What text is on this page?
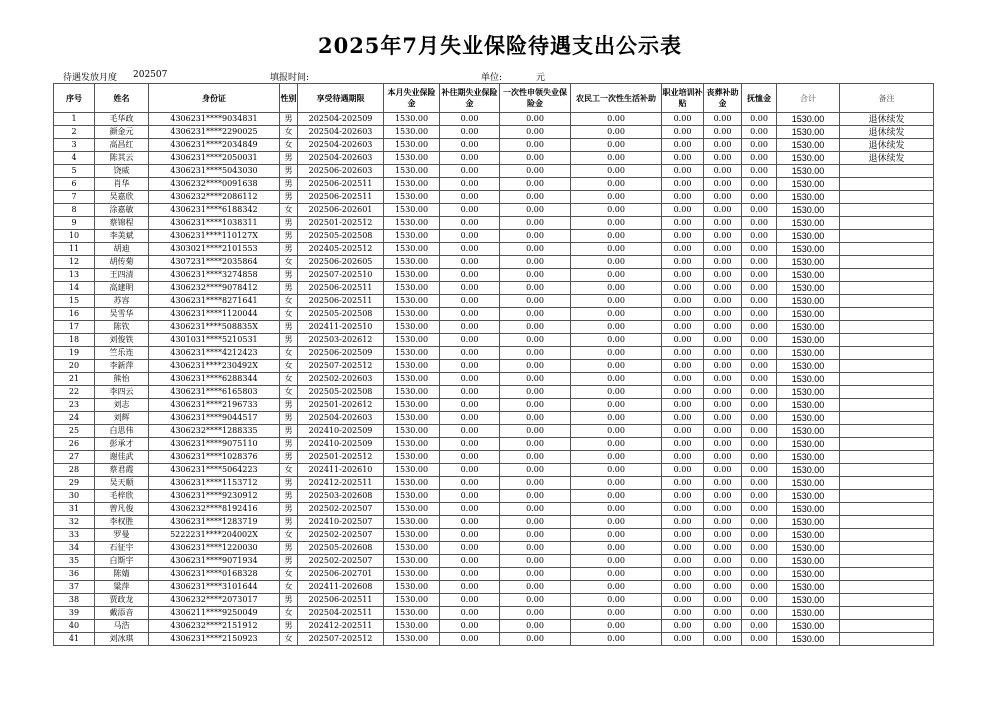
2025年7月失业保险待遇支出公示表
待遇发放月度 202507	填报时间:	单位:	元
序号	姓名	身份证	性别	享受待遇期限	本月失业保险金	补往期失业保险金	一次性申领失业保险金	农民工一次性生活补助	职业培训补贴	丧葬补助金	抚恤金	合计	备注
1	毛华政	4306231****9034831	男	202504-202509	1530.00	0.00	0.00	0.00	0.00	0.00	0.00	1530.00	退休续发
2	颜金元	4306231****2290025	女	202504-202603	1530.00	0.00	0.00	0.00	0.00	0.00	0.00	1530.00	退休续发
3	高昌红	4306231****2034849	女	202504-202603	1530.00	0.00	0.00	0.00	0.00	0.00	0.00	1530.00	退休续发
4	陈其云	4306231****2050031	男	202504-202603	1530.00	0.00	0.00	0.00	0.00	0.00	0.00	1530.00	退休续发
5	饶威	4306231****5043030	男	202506-202603	1530.00	0.00	0.00	0.00	0.00	0.00	0.00	1530.00	
6	肖华	4306232****0091638	男	202506-202511	1530.00	0.00	0.00	0.00	0.00	0.00	0.00	1530.00	
7	吴嘉欣	4306232****2086112	男	202506-202511	1530.00	0.00	0.00	0.00	0.00	0.00	0.00	1530.00	
8	涂嘉敏	4306231****6188342	女	202506-202601	1530.00	0.00	0.00	0.00	0.00	0.00	0.00	1530.00	
9	蔡锦程	4306231****1038311	男	202501-202512	1530.00	0.00	0.00	0.00	0.00	0.00	0.00	1530.00	
10	李美斌	4306231****110127X	男	202505-202508	1530.00	0.00	0.00	0.00	0.00	0.00	0.00	1530.00	
11	胡迪	4303021****2101553	男	202405-202512	1530.00	0.00	0.00	0.00	0.00	0.00	0.00	1530.00	
12	胡传菊	4307231****2035864	女	202506-202605	1530.00	0.00	0.00	0.00	0.00	0.00	0.00	1530.00	
13	王四清	4306231****3274858	男	202507-202510	1530.00	0.00	0.00	0.00	0.00	0.00	0.00	1530.00	
14	高建明	4306232****9078412	男	202506-202511	1530.00	0.00	0.00	0.00	0.00	0.00	0.00	1530.00	
15	苏容	4306231****8271641	女	202506-202511	1530.00	0.00	0.00	0.00	0.00	0.00	0.00	1530.00	
16	吴雪华	4306231****1120044	女	202505-202508	1530.00	0.00	0.00	0.00	0.00	0.00	0.00	1530.00	
17	陈钦	4306231****508835X	男	202411-202510	1530.00	0.00	0.00	0.00	0.00	0.00	0.00	1530.00	
18	刘俊铁	4301031****5210531	男	202503-202612	1530.00	0.00	0.00	0.00	0.00	0.00	0.00	1530.00	
19	竺乐连	4306231****4212423	女	202506-202509	1530.00	0.00	0.00	0.00	0.00	0.00	0.00	1530.00	
20	李新萍	4306231****230492X	女	202507-202512	1530.00	0.00	0.00	0.00	0.00	0.00	0.00	1530.00	
21	熊怡	4306231****6288344	女	202502-202603	1530.00	0.00	0.00	0.00	0.00	0.00	0.00	1530.00	
22	李四云	4306231****6165803	女	202505-202508	1530.00	0.00	0.00	0.00	0.00	0.00	0.00	1530.00	
23	刘志	4306231****2196733	男	202501-202612	1530.00	0.00	0.00	0.00	0.00	0.00	0.00	1530.00	
24	刘辉	4306231****9044517	男	202504-202603	1530.00	0.00	0.00	0.00	0.00	0.00	0.00	1530.00	
25	白思伟	4306232****1288335	男	202410-202509	1530.00	0.00	0.00	0.00	0.00	0.00	0.00	1530.00	
26	彭承才	4306231****9075110	男	202410-202509	1530.00	0.00	0.00	0.00	0.00	0.00	0.00	1530.00	
27	谢佳武	4306231****1028376	男	202501-202512	1530.00	0.00	0.00	0.00	0.00	0.00	0.00	1530.00	
28	蔡君霞	4306231****5064223	女	202411-202610	1530.00	0.00	0.00	0.00	0.00	0.00	0.00	1530.00	
29	吴天顺	4306231****1153712	男	202412-202511	1530.00	0.00	0.00	0.00	0.00	0.00	0.00	1530.00	
30	毛梓欣	4306231****9230912	男	202503-202608	1530.00	0.00	0.00	0.00	0.00	0.00	0.00	1530.00	
31	曾凡俊	4306232****8192416	男	202502-202507	1530.00	0.00	0.00	0.00	0.00	0.00	0.00	1530.00	
32	李权胜	4306231****1283719	男	202410-202507	1530.00	0.00	0.00	0.00	0.00	0.00	0.00	1530.00	
33	罗曼	5222231****204002X	女	202502-202507	1530.00	0.00	0.00	0.00	0.00	0.00	0.00	1530.00	
34	石征宇	4306231****1220030	男	202505-202608	1530.00	0.00	0.00	0.00	0.00	0.00	0.00	1530.00	
35	白斯宇	4306231****9071934	男	202502-202507	1530.00	0.00	0.00	0.00	0.00	0.00	0.00	1530.00	
36	陈婧	4306231****0168328	女	202506-202701	1530.00	0.00	0.00	0.00	0.00	0.00	0.00	1530.00	
37	粱萍	4306231****3101644	女	202411-202608	1530.00	0.00	0.00	0.00	0.00	0.00	0.00	1530.00	
38	贾政龙	4306232****2073017	男	202506-202511	1530.00	0.00	0.00	0.00	0.00	0.00	0.00	1530.00	
39	戴添音	4306211****9250049	女	202504-202511	1530.00	0.00	0.00	0.00	0.00	0.00	0.00	1530.00	
40	马浩	4306232****2151912	男	202412-202511	1530.00	0.00	0.00	0.00	0.00	0.00	0.00	1530.00	
41	刘冰琪	4306231****2150923	女	202507-202512	1530.00	0.00	0.00	0.00	0.00	0.00	0.00	1530.00	
